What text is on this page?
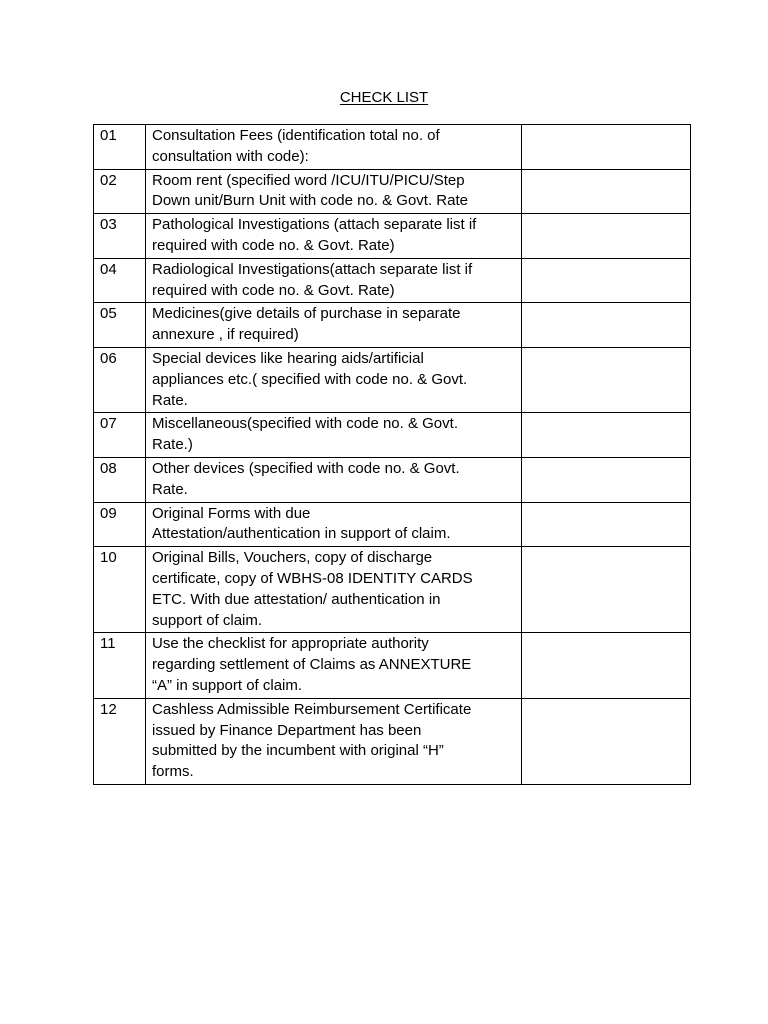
CHECK LIST
01	Consultation Fees (identification total no. of
consultation with code):	
02	Room rent (specified word /ICU/ITU/PICU/Step
Down unit/Burn Unit with code no. & Govt. Rate	
03	Pathological Investigations (attach separate list if
required with code no. & Govt. Rate)	
04	Radiological Investigations(attach separate list if
required with code no. & Govt. Rate)	
05	Medicines(give details of purchase in separate
annexure , if required)	
06	Special devices like hearing aids/artificial
appliances etc.( specified with code no. & Govt.
Rate.	
07	Miscellaneous(specified with code no. & Govt.
Rate.)	
08	Other devices (specified with code no. & Govt.
Rate.	
09	Original Forms with due
Attestation/authentication in support of claim.	
10	Original Bills, Vouchers, copy of discharge
certificate, copy of WBHS-08 IDENTITY CARDS
ETC. With due attestation/ authentication in
support of claim.	
11	Use the checklist for appropriate authority
regarding settlement of Claims as ANNEXTURE
“A” in support of claim.	
12	Cashless Admissible Reimbursement Certificate
issued by Finance Department has been
submitted by the incumbent with original “H”
forms.	
